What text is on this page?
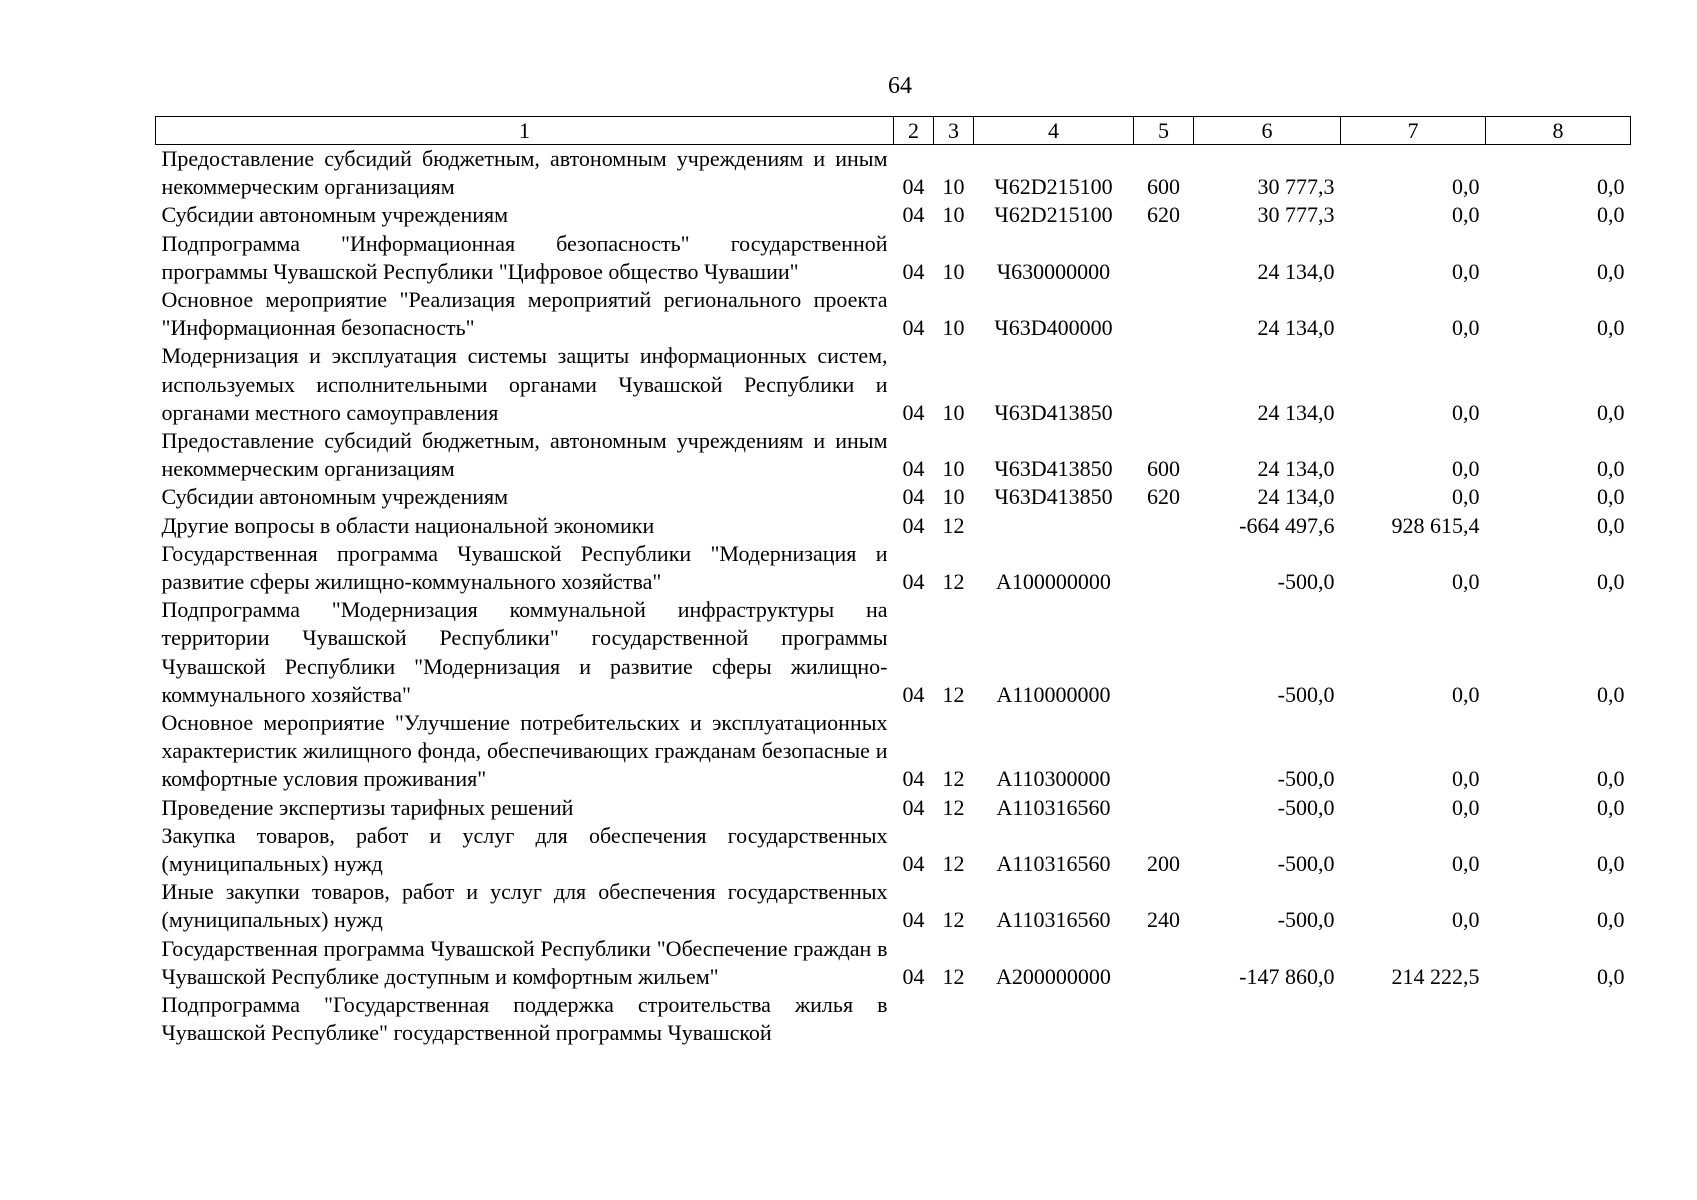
64
1	2	3	4	5	6	7	8
Предоставление субсидий бюджетным, автономным учреждениям и иным некоммерческим организациям	04	10	Ч62D215100	600	30 777,3	0,0	0,0
Субсидии автономным учреждениям	04	10	Ч62D215100	620	30 777,3	0,0	0,0
Подпрограмма "Информационная безопасность" государственной программы Чувашской Республики "Цифровое общество Чувашии"	04	10	Ч630000000		24 134,0	0,0	0,0
Основное мероприятие "Реализация мероприятий регионального проекта "Информационная безопасность"	04	10	Ч63D400000		24 134,0	0,0	0,0
Модернизация и эксплуатация системы защиты информационных систем, используемых исполнительными органами Чувашской Республики и органами местного самоуправления	04	10	Ч63D413850		24 134,0	0,0	0,0
Предоставление субсидий бюджетным, автономным учреждениям и иным некоммерческим организациям	04	10	Ч63D413850	600	24 134,0	0,0	0,0
Субсидии автономным учреждениям	04	10	Ч63D413850	620	24 134,0	0,0	0,0
Другие вопросы в области национальной экономики	04	12			-664 497,6	928 615,4	0,0
Государственная программа Чувашской Республики "Модернизация и развитие сферы жилищно-коммунального хозяйства"	04	12	А100000000		-500,0	0,0	0,0
Подпрограмма "Модернизация коммунальной инфраструктуры на территории Чувашской Республики" государственной программы Чувашской Республики "Модернизация и развитие сферы жилищно-коммунального хозяйства"	04	12	А110000000		-500,0	0,0	0,0
Основное мероприятие "Улучшение потребительских и эксплуатационных характеристик жилищного фонда, обеспечивающих гражданам безопасные и комфортные условия проживания"	04	12	А110300000		-500,0	0,0	0,0
Проведение экспертизы тарифных решений	04	12	А110316560		-500,0	0,0	0,0
Закупка товаров, работ и услуг для обеспечения государственных (муниципальных) нужд	04	12	А110316560	200	-500,0	0,0	0,0
Иные закупки товаров, работ и услуг для обеспечения государственных (муниципальных) нужд	04	12	А110316560	240	-500,0	0,0	0,0
Государственная программа Чувашской Республики "Обеспечение граждан в Чувашской Республике доступным и комфортным жильем"	04	12	А200000000		-147 860,0	214 222,5	0,0
Подпрограмма "Государственная поддержка строительства жилья в Чувашской Республике" государственной программы Чувашской							
